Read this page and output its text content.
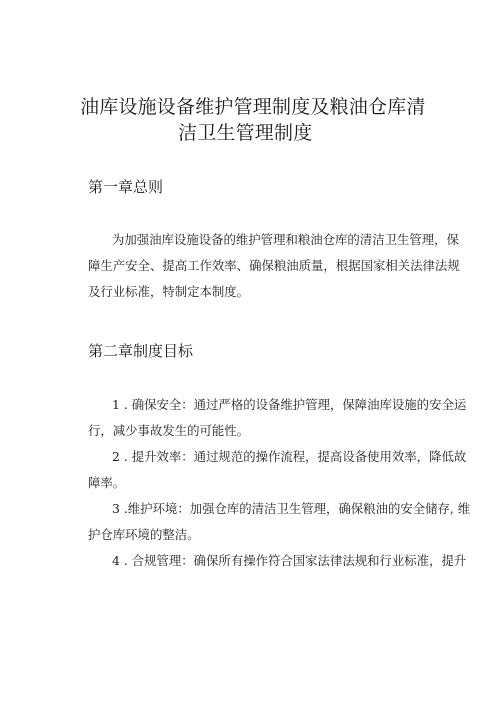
油库设施设备维护管理制度及粮油仓库清
洁卫生管理制度
第一章总则
为加强油库设施设备的维护管理和粮油仓库的清洁卫生管理，保
障生产安全、提高工作效率、确保粮油质量，根据国家相关法律法规
及行业标准，特制定本制度。
第二章制度目标
1 . 确保安全：通过严格的设备维护管理，保障油库设施的安全运
行，减少事故发生的可能性。
2 . 提升效率：通过规范的操作流程，提高设备使用效率，降低故
障率。
3 .维护环境：加强仓库的清洁卫生管理，确保粮油的安全储存, 维
护仓库环境的整洁。
4 . 合规管理：确保所有操作符合国家法律法规和行业标准，提升
